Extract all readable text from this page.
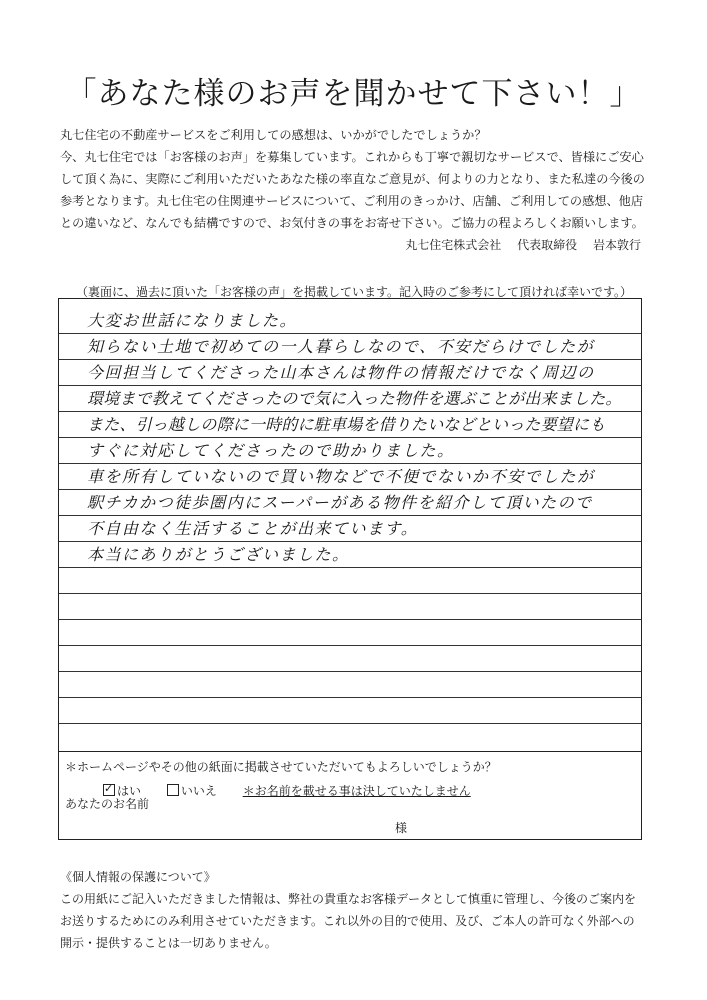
「あなた様のお声を聞かせて下さい！」
丸七住宅の不動産サービスをご利用しての感想は、いかがでしたでしょうか？
今、丸七住宅では「お客様のお声」を募集しています。これからも丁寧で親切なサービスで、皆様にご安心
して頂く為に、実際にご利用いただいたあなた様の率直なご意見が、何よりの力となり、また私達の今後の
参考となります。丸七住宅の住関連サービスについて、ご利用のきっかけ、店舗、ご利用しての感想、他店
との違いなど、なんでも結構ですので、お気付きの事をお寄せ下さい。ご協力の程よろしくお願いします。
丸七住宅株式会社 代表取締役 岩本敦行
（裏面に、過去に頂いた「お客様の声」を掲載しています。記入時のご参考にして頂ければ幸いです。）
大変お世話になりました。
知らない土地で初めての一人暮らしなので、不安だらけでしたが
今回担当してくださった山本さんは物件の情報だけでなく周辺の
環境まで教えてくださったので気に入った物件を選ぶことが出来ました。
また、引っ越しの際に一時的に駐車場を借りたいなどといった要望にも
すぐに対応してくださったので助かりました。
車を所有していないので買い物などで不便でないか不安でしたが
駅チカかつ徒歩圏内にスーパーがある物件を紹介して頂いたので
不自由なく生活することが出来ています。
本当にありがとうございました。
＊ホームページやその他の紙面に掲載させていただいてもよろしいでしょうか？
✓ はい	いいえ ＊お名前を載せる事は決していたしません
あなたのお名前
様
《個人情報の保護について》
この用紙にご記入いただきました情報は、弊社の貴重なお客様データとして慎重に管理し、今後のご案内を
お送りするためにのみ利用させていただきます。これ以外の目的で使用、及び、ご本人の許可なく外部への
開示・提供することは一切ありません。
